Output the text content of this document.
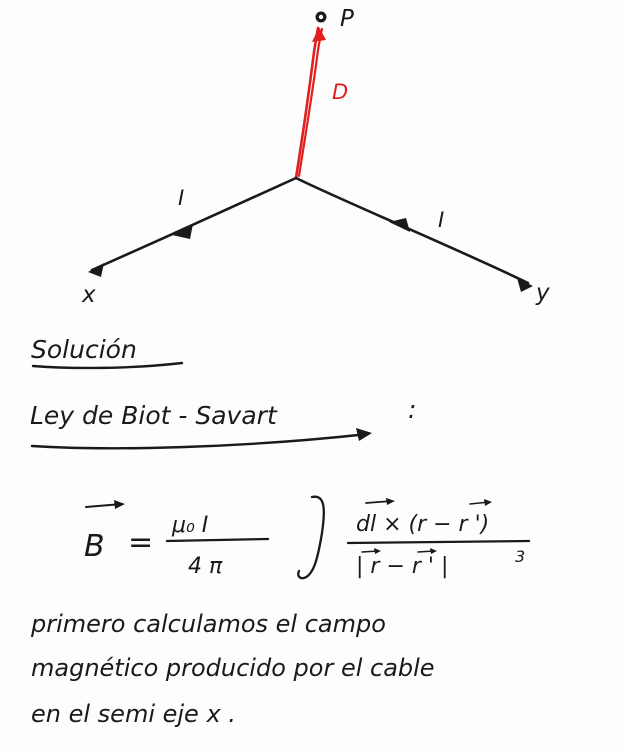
P
D
I
I
x	y
Solución
Ley de Biot - Savart	:
B = μ₀ I
4 π
dl × (r − r ')
| r − r ' |	3
primero calculamos el campo
magnético producido por el cable
en el semi eje x .
